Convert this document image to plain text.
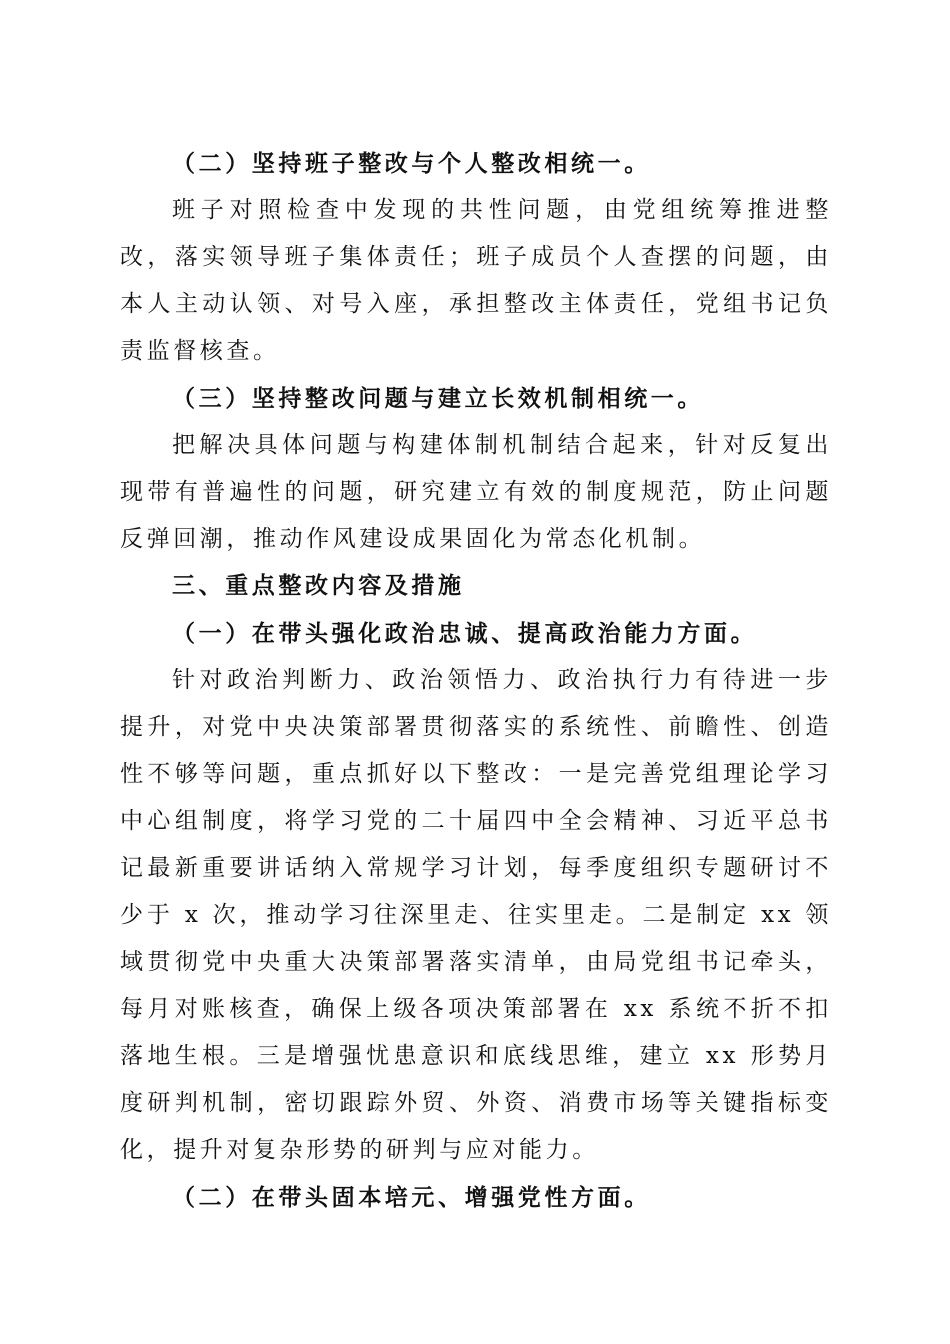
（二）坚持班子整改与个人整改相统一。

班子对照检查中发现的共性问题，由党组统筹推进整改，落实领导班子集体责任；班子成员个人查摆的问题，由本人主动认领、对号入座，承担整改主体责任，党组书记负责监督核查。

（三）坚持整改问题与建立长效机制相统一。

把解决具体问题与构建体制机制结合起来，针对反复出现带有普遍性的问题，研究建立有效的制度规范，防止问题反弹回潮，推动作风建设成果固化为常态化机制。

三、重点整改内容及措施

（一）在带头强化政治忠诚、提高政治能力方面。

针对政治判断力、政治领悟力、政治执行力有待进一步提升，对党中央决策部署贯彻落实的系统性、前瞻性、创造性不够等问题，重点抓好以下整改：一是完善党组理论学习中心组制度，将学习党的二十届四中全会精神、习近平总书记最新重要讲话纳入常规学习计划，每季度组织专题研讨不少于 x 次，推动学习往深里走、往实里走。二是制定 xx 领域贯彻党中央重大决策部署落实清单，由局党组书记牵头，每月对账核查，确保上级各项决策部署在 xx 系统不折不扣落地生根。三是增强忧患意识和底线思维，建立 xx 形势月度研判机制，密切跟踪外贸、外资、消费市场等关键指标变化，提升对复杂形势的研判与应对能力。

（二）在带头固本培元、增强党性方面。
